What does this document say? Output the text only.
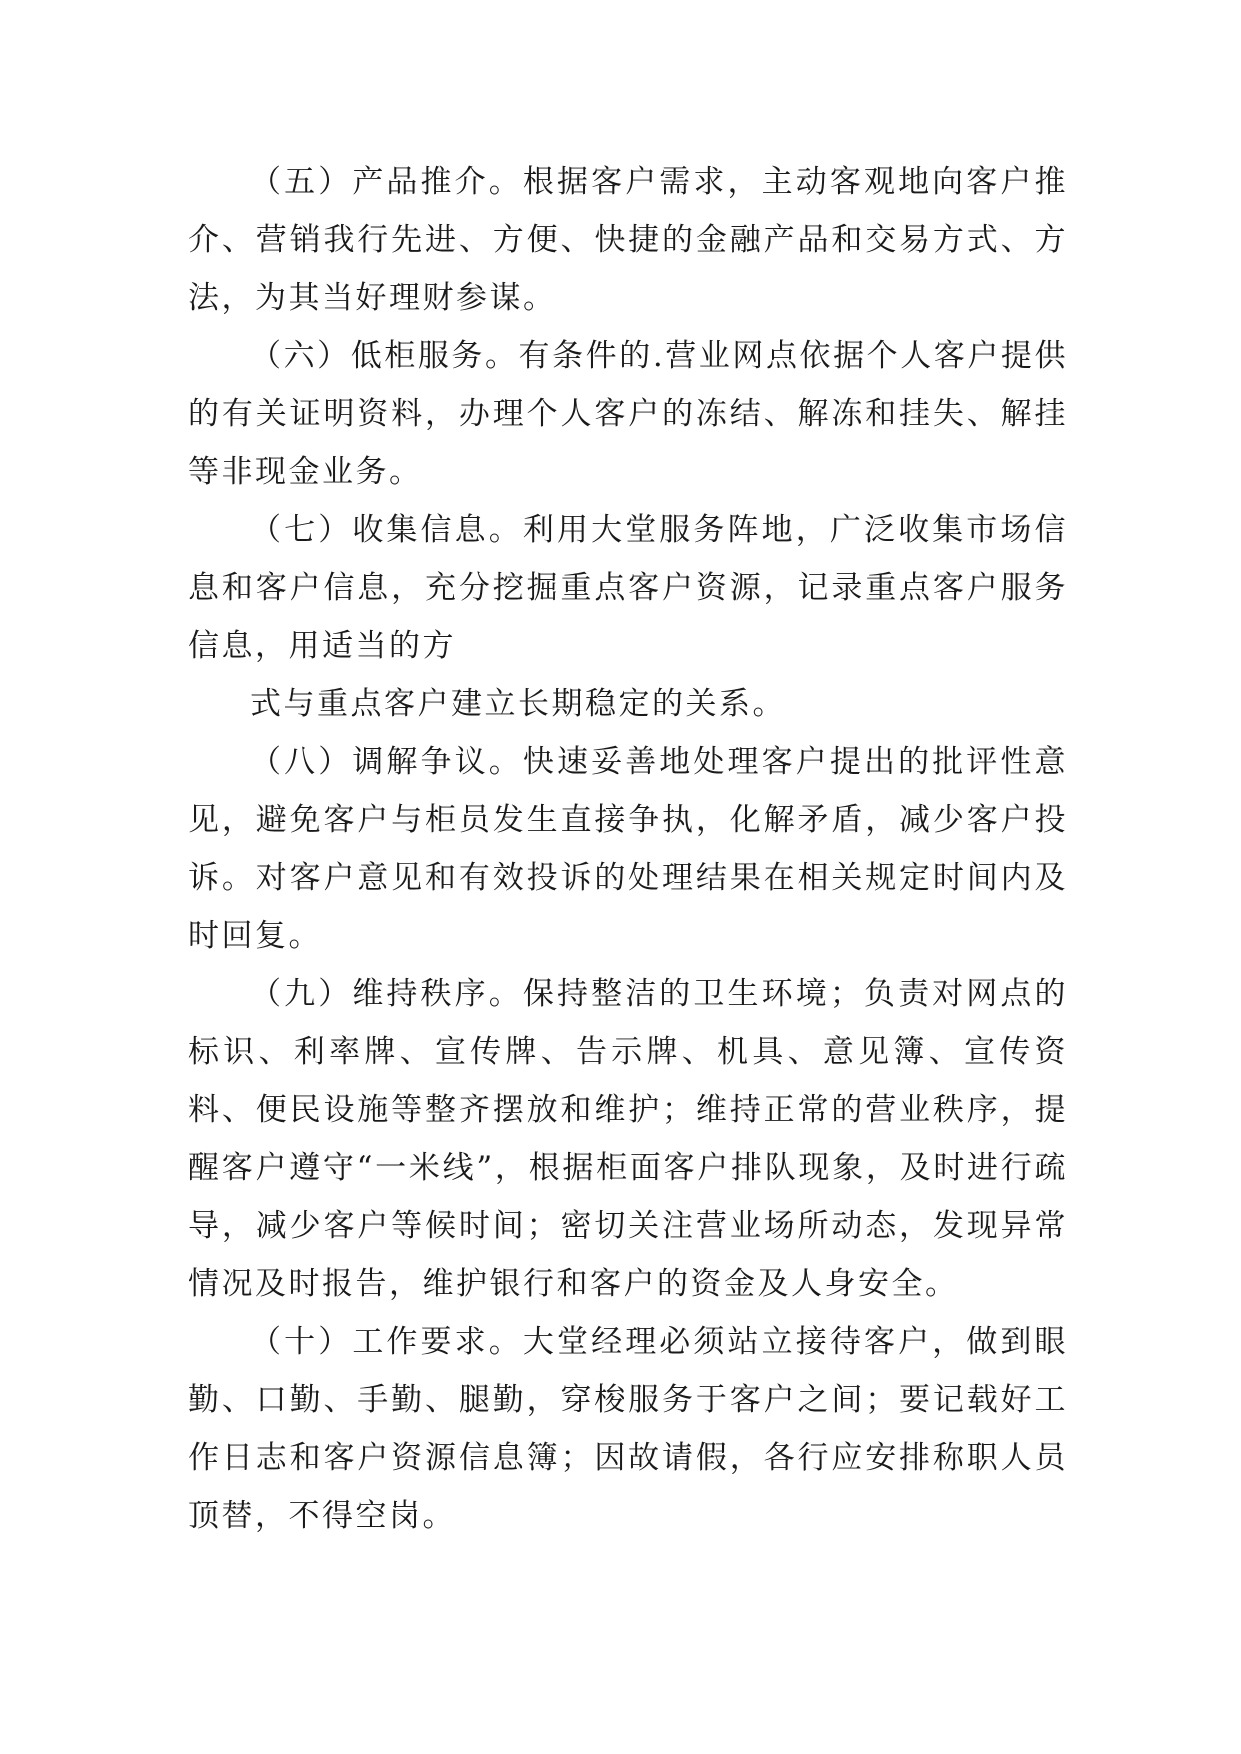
（五）产品推介。根据客户需求，主动客观地向客户推介、营销我行先进、方便、快捷的金融产品和交易方式、方法，为其当好理财参谋。

（六）低柜服务。有条件的.营业网点依据个人客户提供的有关证明资料，办理个人客户的冻结、解冻和挂失、解挂等非现金业务。

（七）收集信息。利用大堂服务阵地，广泛收集市场信息和客户信息，充分挖掘重点客户资源，记录重点客户服务信息，用适当的方

式与重点客户建立长期稳定的关系。

（八）调解争议。快速妥善地处理客户提出的批评性意见，避免客户与柜员发生直接争执，化解矛盾，减少客户投诉。对客户意见和有效投诉的处理结果在相关规定时间内及时回复。

（九）维持秩序。保持整洁的卫生环境；负责对网点的标识、利率牌、宣传牌、告示牌、机具、意见簿、宣传资料、便民设施等整齐摆放和维护；维持正常的营业秩序，提醒客户遵守“一米线”，根据柜面客户排队现象，及时进行疏导，减少客户等候时间；密切关注营业场所动态，发现异常情况及时报告，维护银行和客户的资金及人身安全。

（十）工作要求。大堂经理必须站立接待客户，做到眼勤、口勤、手勤、腿勤，穿梭服务于客户之间；要记载好工作日志和客户资源信息簿；因故请假，各行应安排称职人员顶替，不得空岗。
